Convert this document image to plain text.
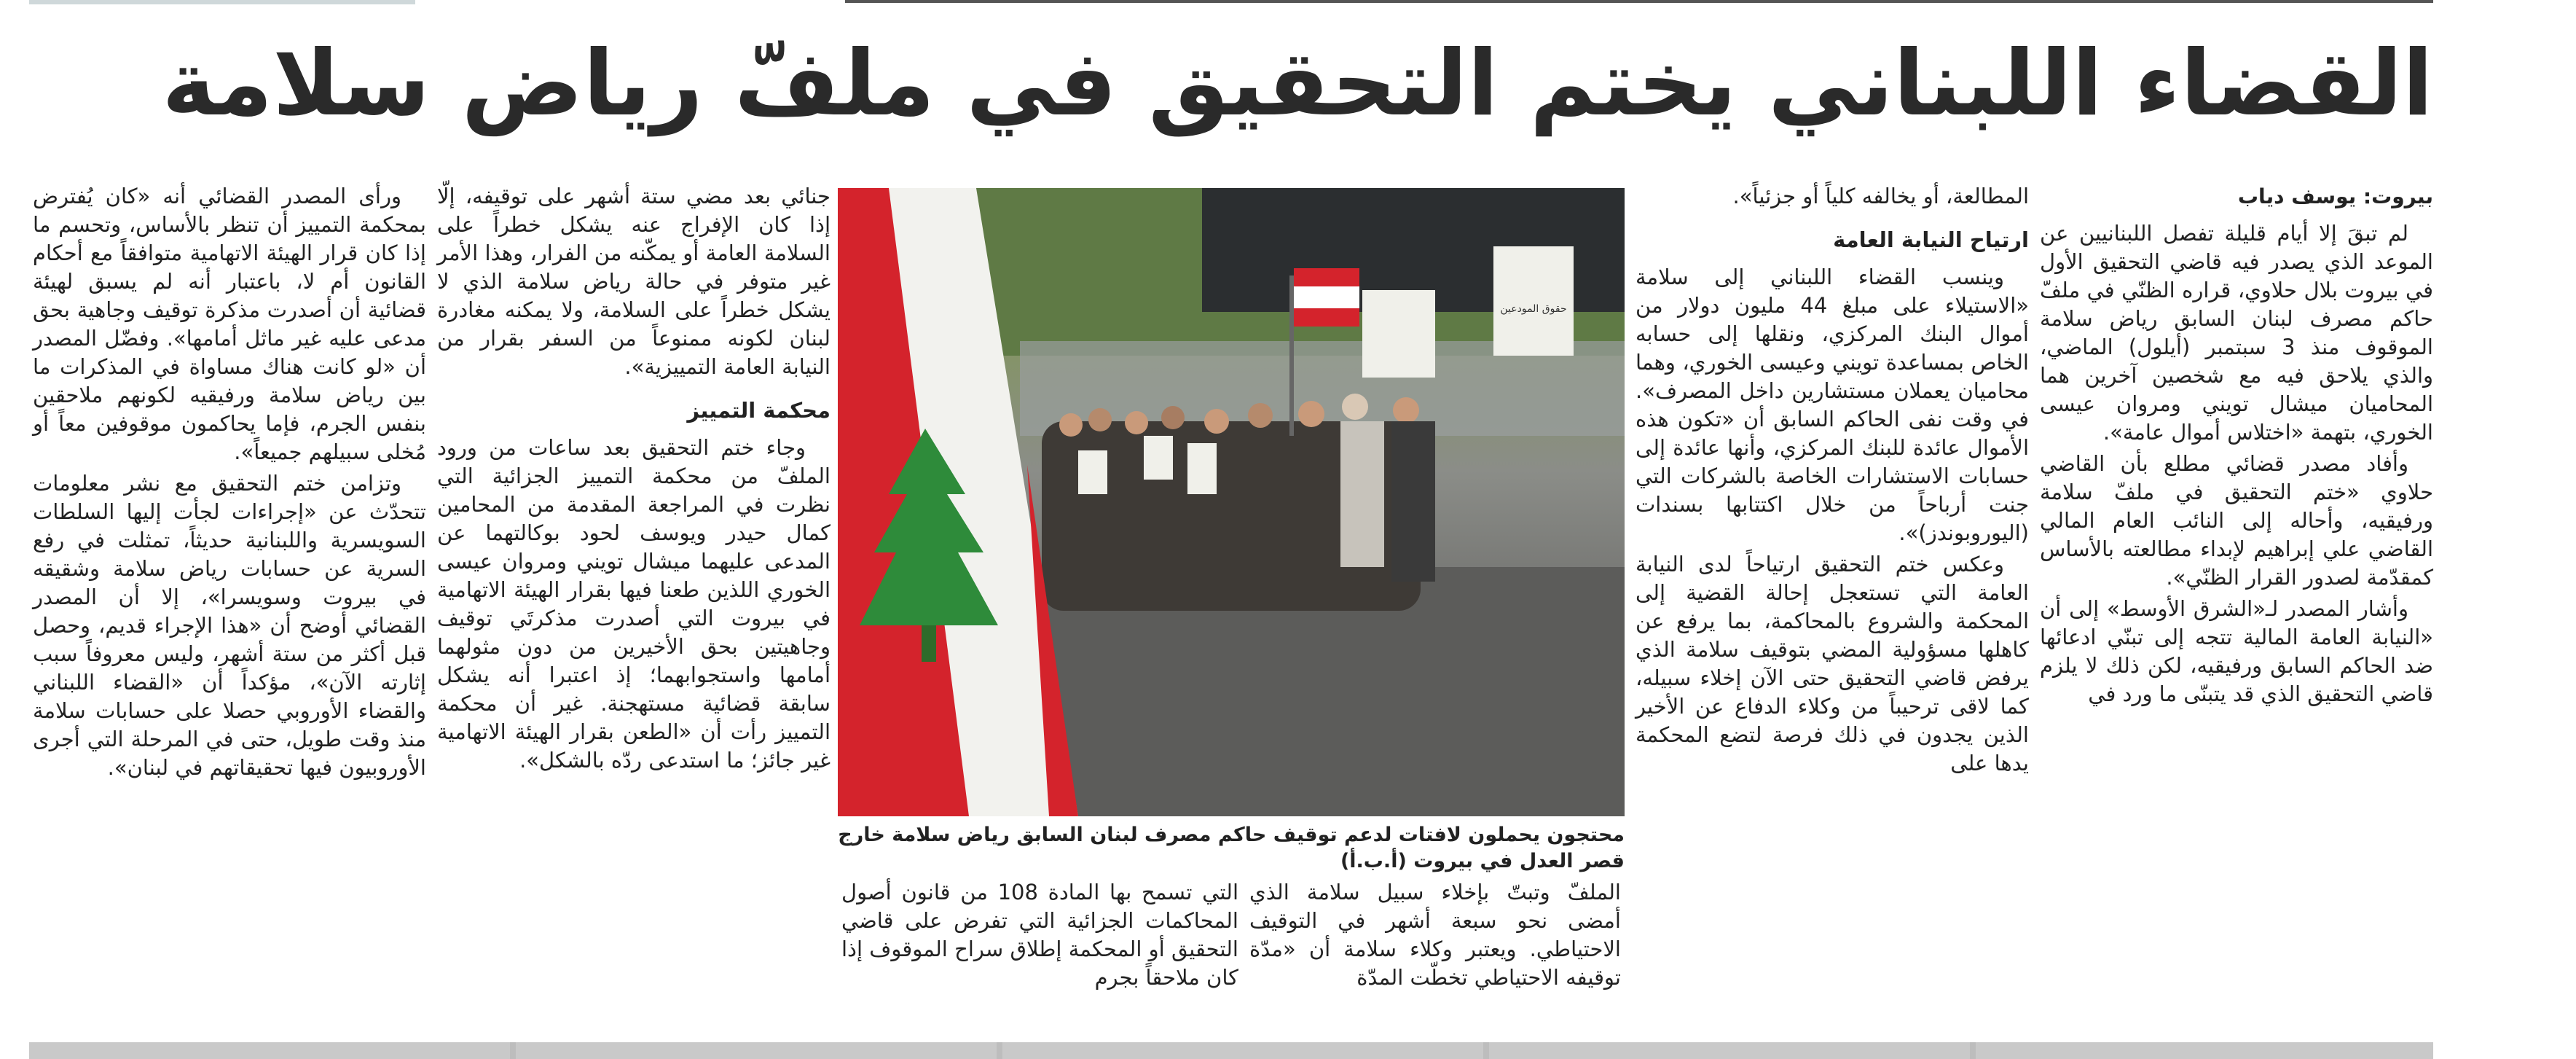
القضاء اللبناني يختم التحقيق في ملفّ رياض سلامة
بيروت: يوسف دياب

لم تبقَ إلا أيام قليلة تفصل اللبنانيين عن الموعد الذي يصدر فيه قاضي التحقيق الأول في بيروت بلال حلاوي، قراره الظنّي في ملفّ حاكم مصرف لبنان السابق رياض سلامة الموقوف منذ 3 سبتمبر (أيلول) الماضي، والذي يلاحق فيه مع شخصين آخرين هما المحاميان ميشال تويني ومروان عيسى الخوري، بتهمة «اختلاس أموال عامة».

وأفاد مصدر قضائي مطلع بأن القاضي حلاوي «ختم التحقيق في ملفّ سلامة ورفيقيه، وأحاله إلى النائب العام المالي القاضي علي إبراهيم لإبداء مطالعته بالأساس كمقدّمة لصدور القرار الظنّي».

وأشار المصدر لـ«الشرق الأوسط» إلى أن «النيابة العامة المالية تتجه إلى تبنّي ادعائها ضد الحاكم السابق ورفيقيه، لكن ذلك لا يلزم قاضي التحقيق الذي قد يتبنّى ما ورد في

المطالعة، أو يخالفه كلياً أو جزئياً».

ارتياح النيابة العامة

وينسب القضاء اللبناني إلى سلامة «الاستيلاء على مبلغ 44 مليون دولار من أموال البنك المركزي، ونقلها إلى حسابه الخاص بمساعدة تويني وعيسى الخوري، وهما محاميان يعملان مستشارين داخل المصرف». في وقت نفى الحاكم السابق أن «تكون هذه الأموال عائدة للبنك المركزي، وأنها عائدة إلى حسابات الاستشارات الخاصة بالشركات التي جنت أرباحاً من خلال اكتتابها بسندات (اليوروبوندز)».

وعكس ختم التحقيق ارتياحاً لدى النيابة العامة التي تستعجل إحالة القضية إلى المحكمة والشروع بالمحاكمة، بما يرفع عن كاهلها مسؤولية المضي بتوقيف سلامة الذي يرفض قاضي التحقيق حتى الآن إخلاء سبيله، كما لاقى ترحيباً من وكلاء الدفاع عن الأخير الذين يجدون في ذلك فرصة لتضع المحكمة يدها على

حقوق المودعين
محتجون يحملون لافتات لدعم توقيف حاكم مصرف لبنان السابق رياض سلامة خارج قصر العدل في بيروت (أ.ب.أ)

الملفّ وتبتّ بإخلاء سبيل سلامة الذي أمضى نحو سبعة أشهر في التوقيف الاحتياطي. ويعتبر وكلاء سلامة أن «مدّة توقيفه الاحتياطي تخطّت المدّة

التي تسمح بها المادة 108 من قانون أصول المحاكمات الجزائية التي تفرض على قاضي التحقيق أو المحكمة إطلاق سراح الموقوف إذا كان ملاحقاً بجرم

جنائي بعد مضي ستة أشهر على توقيفه، إلّا إذا كان الإفراج عنه يشكل خطراً على السلامة العامة أو يمكّنه من الفرار، وهذا الأمر غير متوفر في حالة رياض سلامة الذي لا يشكل خطراً على السلامة، ولا يمكنه مغادرة لبنان لكونه ممنوعاً من السفر بقرار من النيابة العامة التمييزية».

محكمة التمييز

وجاء ختم التحقيق بعد ساعات من ورود الملفّ من محكمة التمييز الجزائية التي نظرت في المراجعة المقدمة من المحامين كمال حيدر ويوسف لحود بوكالتهما عن المدعى عليهما ميشال تويني ومروان عيسى الخوري اللذين طعنا فيها بقرار الهيئة الاتهامية في بيروت التي أصدرت مذكرتَي توقيف وجاهيتين بحق الأخيرين من دون مثولهما أمامها واستجوابهما؛ إذ اعتبرا أنه يشكل سابقة قضائية مستهجنة. غير أن محكمة التمييز رأت أن «الطعن بقرار الهيئة الاتهامية غير جائز؛ ما استدعى ردّه بالشكل».

ورأى المصدر القضائي أنه «كان يُفترض بمحكمة التمييز أن تنظر بالأساس، وتحسم ما إذا كان قرار الهيئة الاتهامية متوافقاً مع أحكام القانون أم لا، باعتبار أنه لم يسبق لهيئة قضائية أن أصدرت مذكرة توقيف وجاهية بحق مدعى عليه غير ماثل أمامها». وفضّل المصدر أن «لو كانت هناك مساواة في المذكرات ما بين رياض سلامة ورفيقيه لكونهم ملاحقين بنفس الجرم، فإما يحاكمون موقوفين معاً أو مُخلى سبيلهم جميعاً».

وتزامن ختم التحقيق مع نشر معلومات تتحدّث عن «إجراءات لجأت إليها السلطات السويسرية واللبنانية حديثاً، تمثلت في رفع السرية عن حسابات رياض سلامة وشقيقه في بيروت وسويسرا»، إلا أن المصدر القضائي أوضح أن «هذا الإجراء قديم، وحصل قبل أكثر من ستة أشهر، وليس معروفاً سبب إثارته الآن»، مؤكداً أن «القضاء اللبناني والقضاء الأوروبي حصلا على حسابات سلامة منذ وقت طويل، حتى في المرحلة التي أجرى الأوروبيون فيها تحقيقاتهم في لبنان».
